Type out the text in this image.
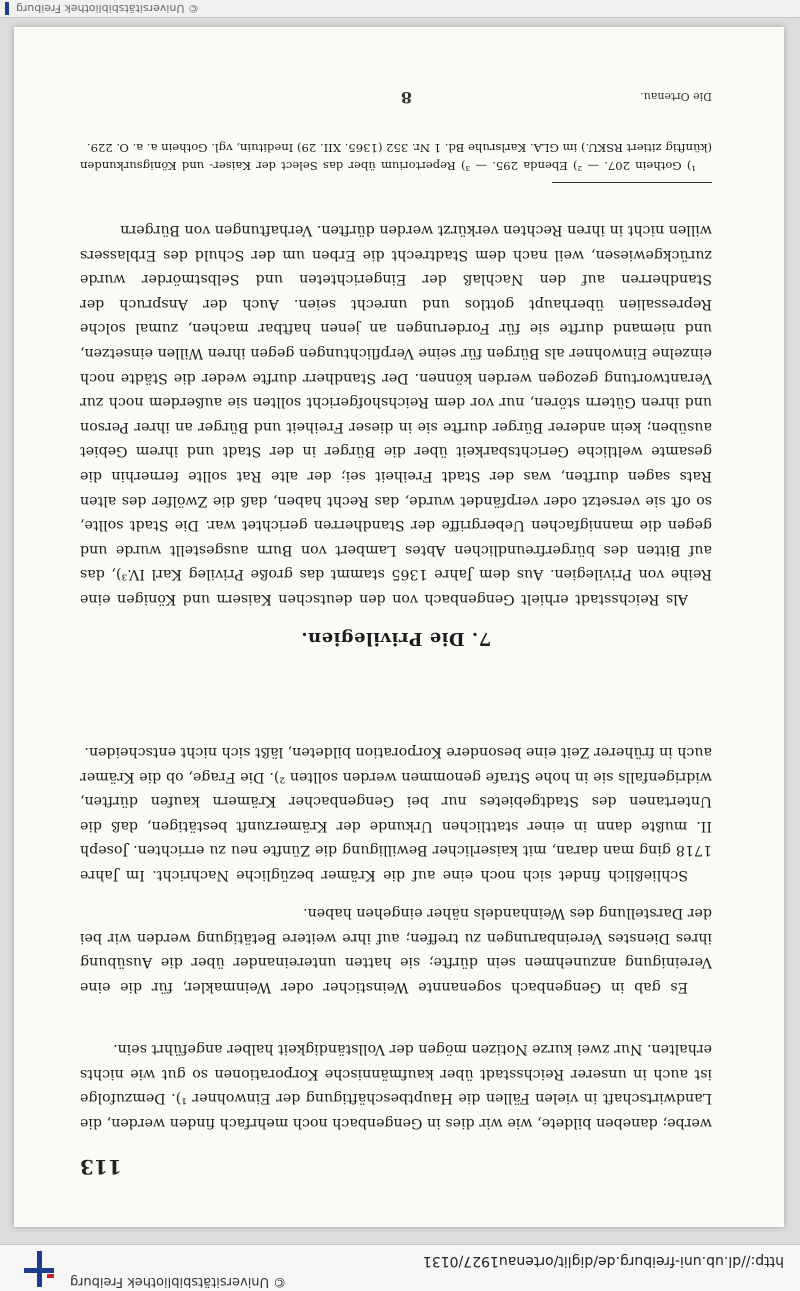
http://dl.ub.uni-freiburg.de/diglit/ortenau1927/0131
© Universitätsbibliothek Freiburg
113

werbe; daneben bildete, wie wir dies in Gengenbach noch mehrfach finden werden, die Landwirtschaft in vielen Fällen die Hauptbeschäftigung der Einwohner ¹). Demzufolge ist auch in unserer Reichsstadt über kaufmännische Korporationen so gut wie nichts erhalten. Nur zwei kurze Notizen mögen der Vollständigkeit halber angeführt sein.

Es gab in Gengenbach sogenannte Weinsticher oder Weinmakler, für die eine Vereinigung anzunehmen sein dürfte; sie hatten untereinander über die Ausübung ihres Dienstes Vereinbarungen zu treffen; auf ihre weitere Betätigung werden wir bei der Darstellung des Weinhandels näher eingehen haben.

Schließlich findet sich noch eine auf die Krämer bezügliche Nachricht. Im Jahre 1718 ging man daran, mit kaiserlicher Bewilligung die Zünfte neu zu errichten. Joseph II. mußte dann in einer stattlichen Urkunde der Krämerzunft bestätigen, daß die Untertanen des Stadtgebietes nur bei Gengenbacher Krämern kaufen dürften, widrigenfalls sie in hohe Strafe genommen werden sollten ²). Die Frage, ob die Krämer auch in früherer Zeit eine besondere Korporation bildeten, läßt sich nicht entscheiden.

7. Die Privilegien.

Als Reichsstadt erhielt Gengenbach von den deutschen Kaisern und Königen eine Reihe von Privilegien. Aus dem Jahre 1365 stammt das große Privileg Karl IV.³), das auf Bitten des bürgerfreundlichen Abtes Lambert von Burn ausgestellt wurde und gegen die mannigfachen Uebergriffe der Standherren gerichtet war. Die Stadt sollte, so oft sie versetzt oder verpfändet wurde, das Recht haben, daß die Zwölfer des alten Rats sagen durften, was der Stadt Freiheit sei; der alte Rat sollte fernerhin die gesamte weltliche Gerichtsbarkeit über die Bürger in der Stadt und ihrem Gebiet ausüben; kein anderer Bürger durfte sie in dieser Freiheit und Bürger an ihrer Person und ihren Gütern stören, nur vor dem Reichshofgericht sollten sie außerdem noch zur Verantwortung gezogen werden können. Der Standherr durfte weder die Städte noch einzelne Einwohner als Bürgen für seine Verpflichtungen gegen ihren Willen einsetzen, und niemand durfte sie für Forderungen an jenen haftbar machen, zumal solche Repressalien überhaupt gottlos und unrecht seien. Auch der Anspruch der Standherren auf den Nachlaß der Eingerichteten und Selbstmörder wurde zurückgewiesen, weil nach dem Stadtrecht die Erben um der Schuld des Erblassers willen nicht in ihren Rechten verkürzt werden dürften. Verhaftungen von Bürgern

¹) Gothein 207. — ²) Ebenda 295. — ³) Repertorium über das Select der Kaiser- und Königsurkunden (künftig zitiert RSKU.) im GLA. Karlsruhe Bd. 1 Nr. 352 (1365. XII. 29) Inedituin, vgl. Gothein a. a. O. 229.

Die Ortenau.
8
© Universitätsbibliothek Freiburg
